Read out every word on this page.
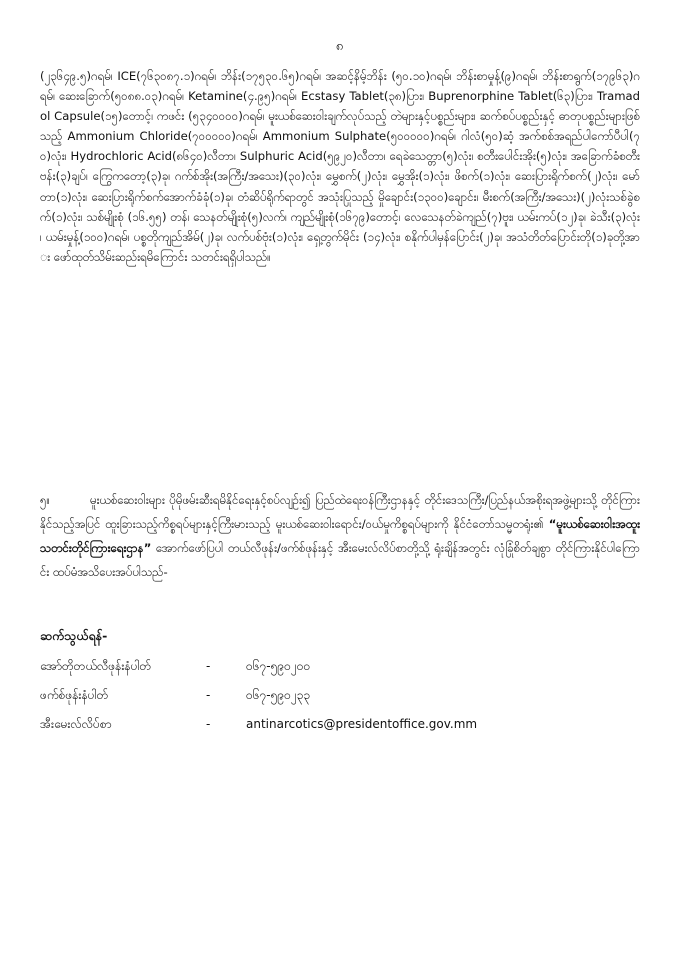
၈
(၂၃၆၄၉.၅)ဂရမ်၊ ICE(၇၆၃၀၈၇.၁)ဂရမ်၊ ဘိန်း(၁၇၅၃၀.၆၅)ဂရမ်၊ အဆင့်နိမ့်ဘိန်း (၅၀.၁၀)ဂရမ်၊ ဘိန်းစာမှုန့်(၉)ဂရမ်၊ ဘိန်းစာရွက်(၁၇၉၆၃)ဂရမ်၊ ဆေးခြောက်(၅၀၈၈.၀၃)ဂရမ်၊ Ketamine(၄.၉၅)ဂရမ်၊ Ecstasy Tablet(၃၈)ပြား၊ Buprenorphine Tablet(၆၃)ပြား၊ Tramadol Capsule(၁၅)တောင့်၊ ကဖင်း (၅၃၄၀၀၀၀)ဂရမ်၊ မူးယစ်ဆေးဝါးချက်လုပ်သည့် တဲများနှင့်ပစ္စည်းများ၊ ဆက်စပ်ပစ္စည်းနှင့် ဓာတုပစ္စည်းများဖြစ်သည့် Ammonium Chloride(၇၀၀၀၀၀)ဂရမ်၊ Ammonium Sulphate(၅၀၀၀၀၀)ဂရမ်၊ ဂါလံ(၅၀)ဆံ့ အက်စစ်အရည်ပါကော်ပီပါ(၇၀)လုံး၊ Hydrochloric Acid(၈၆၄၀)လီတာ၊ Sulphuric Acid(၅၉၂၀)လီတာ၊ ရေခဲသေတ္တာ(၅)လုံး၊ စတီးပေါင်းအိုး(၅)လုံး၊ အခြောက်ခံစတီးဗန်း(၃)ချပ်၊ ကြွေကတော့(၃)ခု၊ ဂက်စ်အိုး(အကြီး/အသေး)(၃၀)လုံး၊ မွှေစက်(၂)လုံး၊ မွှေအိုး(၁)လုံး၊ ဖိစက်(၁)လုံး၊ ဆေးပြားရိုက်စက်(၂)လုံး၊ မော်တာ(၁)လုံး၊ ဆေးပြားရိုက်စက်အောက်ခံခုံ(၁)ခု၊ တံဆိပ်ရိုက်ရာတွင် အသုံးပြုသည့် မှိုချောင်း(၁၃၀၀)ချောင်း၊ မီးစက်(အကြီး/အသေး)(၂)လုံးသစ်ခွဲစက်(၁)လုံး၊ သစ်မျိုးစုံ (၁၆.၅၅) တန်၊ သေနတ်မျိုးစုံ(၅)လက်၊ ကျည်မျိုးစုံ(၁၆၇၉)တောင့်၊ လေသေနတ်ခဲကျည်(၇)ဗူး၊ ယမ်းကပ်(၁၂)ခု၊ ခဲသီး(၃)လုံး၊ ယမ်းမှုန့်(၁၀၀)ဂရမ်၊ ပစ္စတိုကျည်အိမ်(၂)ခု၊ လက်ပစ်ဗုံး(၁)လုံး၊ ရှေ့တွက်မိုင်း (၁၄)လုံး၊ စနိုက်ပါမှန်ပြောင်း(၂)ခု၊ အသံတိတ်ပြောင်းတို(၁)ခုတို့အား ဖော်ထုတ်သိမ်းဆည်းရမိကြောင်း သတင်းရရှိပါသည်။
၅။	မူးယစ်ဆေးဝါးများ ပိုမိုဖမ်းဆီးရမိနိုင်ရေးနှင့်စပ်လျဉ်း၍ ပြည်ထဲရေးဝန်ကြီးဌာနနှင့် တိုင်းဒေသကြီး/ပြည်နယ်အစိုးရအဖွဲ့များသို့ တိုင်ကြားနိုင်သည့်အပြင် ထူးခြားသည့်ကိစ္စရပ်များနှင့်ကြီးမားသည့် မူးယစ်ဆေးဝါးရောင်း/ဝယ်မှုကိစ္စရပ်များကို နိုင်ငံတော်သမ္မတရုံး၏ “မူးယစ်ဆေးဝါးအထူးသတင်းတိုင်ကြားရေးဌာန” အောက်ဖော်ပြပါ တယ်လီဖုန်း/ဖက်စ်ဖုန်းနှင့် အီးမေးလ်လိပ်စာတို့သို့ ရုံးချိန်အတွင်း လုံခြုံစိတ်ချစွာ တိုင်ကြားနိုင်ပါကြောင်း ထပ်မံအသိပေးအပ်ပါသည်-
ဆက်သွယ်ရန်-
အော်တိုတယ်လီဖုန်းနံပါတ်	-	၀၆၇-၅၉၀၂၀၀
ဖက်စ်ဖုန်းနံပါတ်	-	၀၆၇-၅၉၀၂၃၃
အီးမေးလ်လိပ်စာ	-	antinarcotics@presidentoffice.gov.mm
